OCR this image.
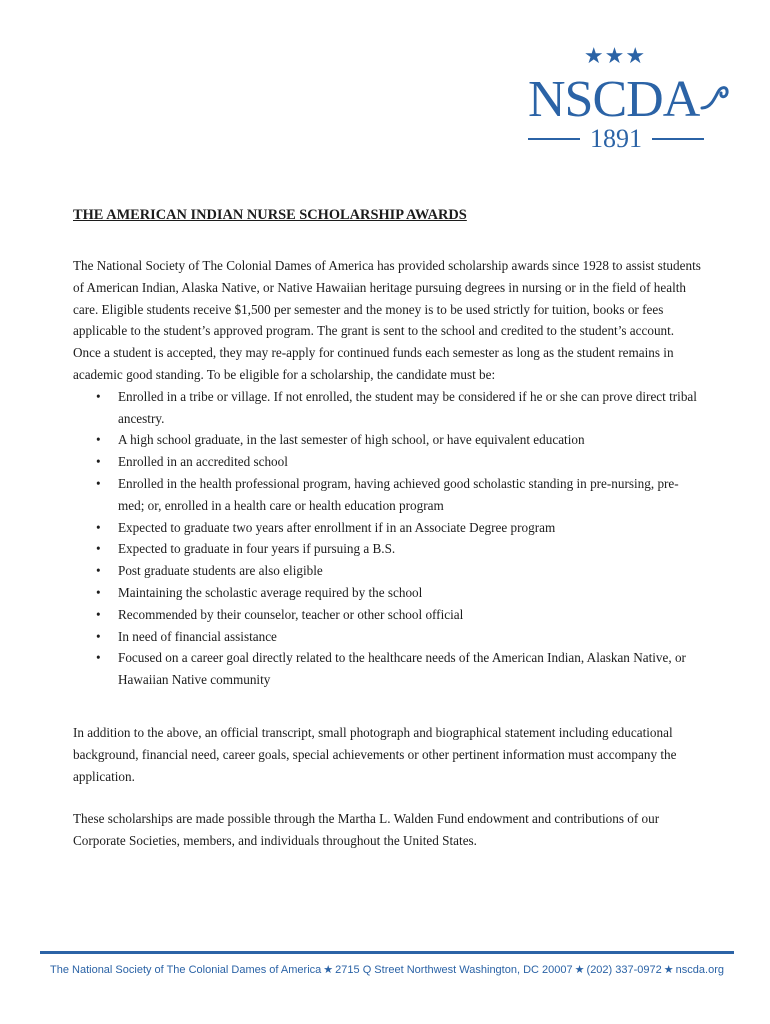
★★★
NSCDA
1891
THE AMERICAN INDIAN NURSE SCHOLARSHIP AWARDS

The National Society of The Colonial Dames of America has provided scholarship awards since 1928 to assist students of American Indian, Alaska Native, or Native Hawaiian heritage pursuing degrees in nursing or in the field of health care. Eligible students receive $1,500 per semester and the money is to be used strictly for tuition, books or fees applicable to the student’s approved program. The grant is sent to the school and credited to the student’s account. Once a student is accepted, they may re-apply for continued funds each semester as long as the student remains in academic good standing. To be eligible for a scholarship, the candidate must be:

• Enrolled in a tribe or village. If not enrolled, the student may be considered if he or she can prove direct tribal ancestry.
• A high school graduate, in the last semester of high school, or have equivalent education
• Enrolled in an accredited school
• Enrolled in the health professional program, having achieved good scholastic standing in pre-nursing, pre-med; or, enrolled in a health care or health education program
• Expected to graduate two years after enrollment if in an Associate Degree program
• Expected to graduate in four years if pursuing a B.S.
• Post graduate students are also eligible
• Maintaining the scholastic average required by the school
• Recommended by their counselor, teacher or other school official
• In need of financial assistance
• Focused on a career goal directly related to the healthcare needs of the American Indian, Alaskan Native, or Hawaiian Native community

In addition to the above, an official transcript, small photograph and biographical statement including educational background, financial need, career goals, special achievements or other pertinent information must accompany the application.

These scholarships are made possible through the Martha L. Walden Fund endowment and contributions of our Corporate Societies, members, and individuals throughout the United States.

The National Society of The Colonial Dames of America ★ 2715 Q Street Northwest Washington, DC 20007 ★ (202) 337-0972 ★ nscda.org
